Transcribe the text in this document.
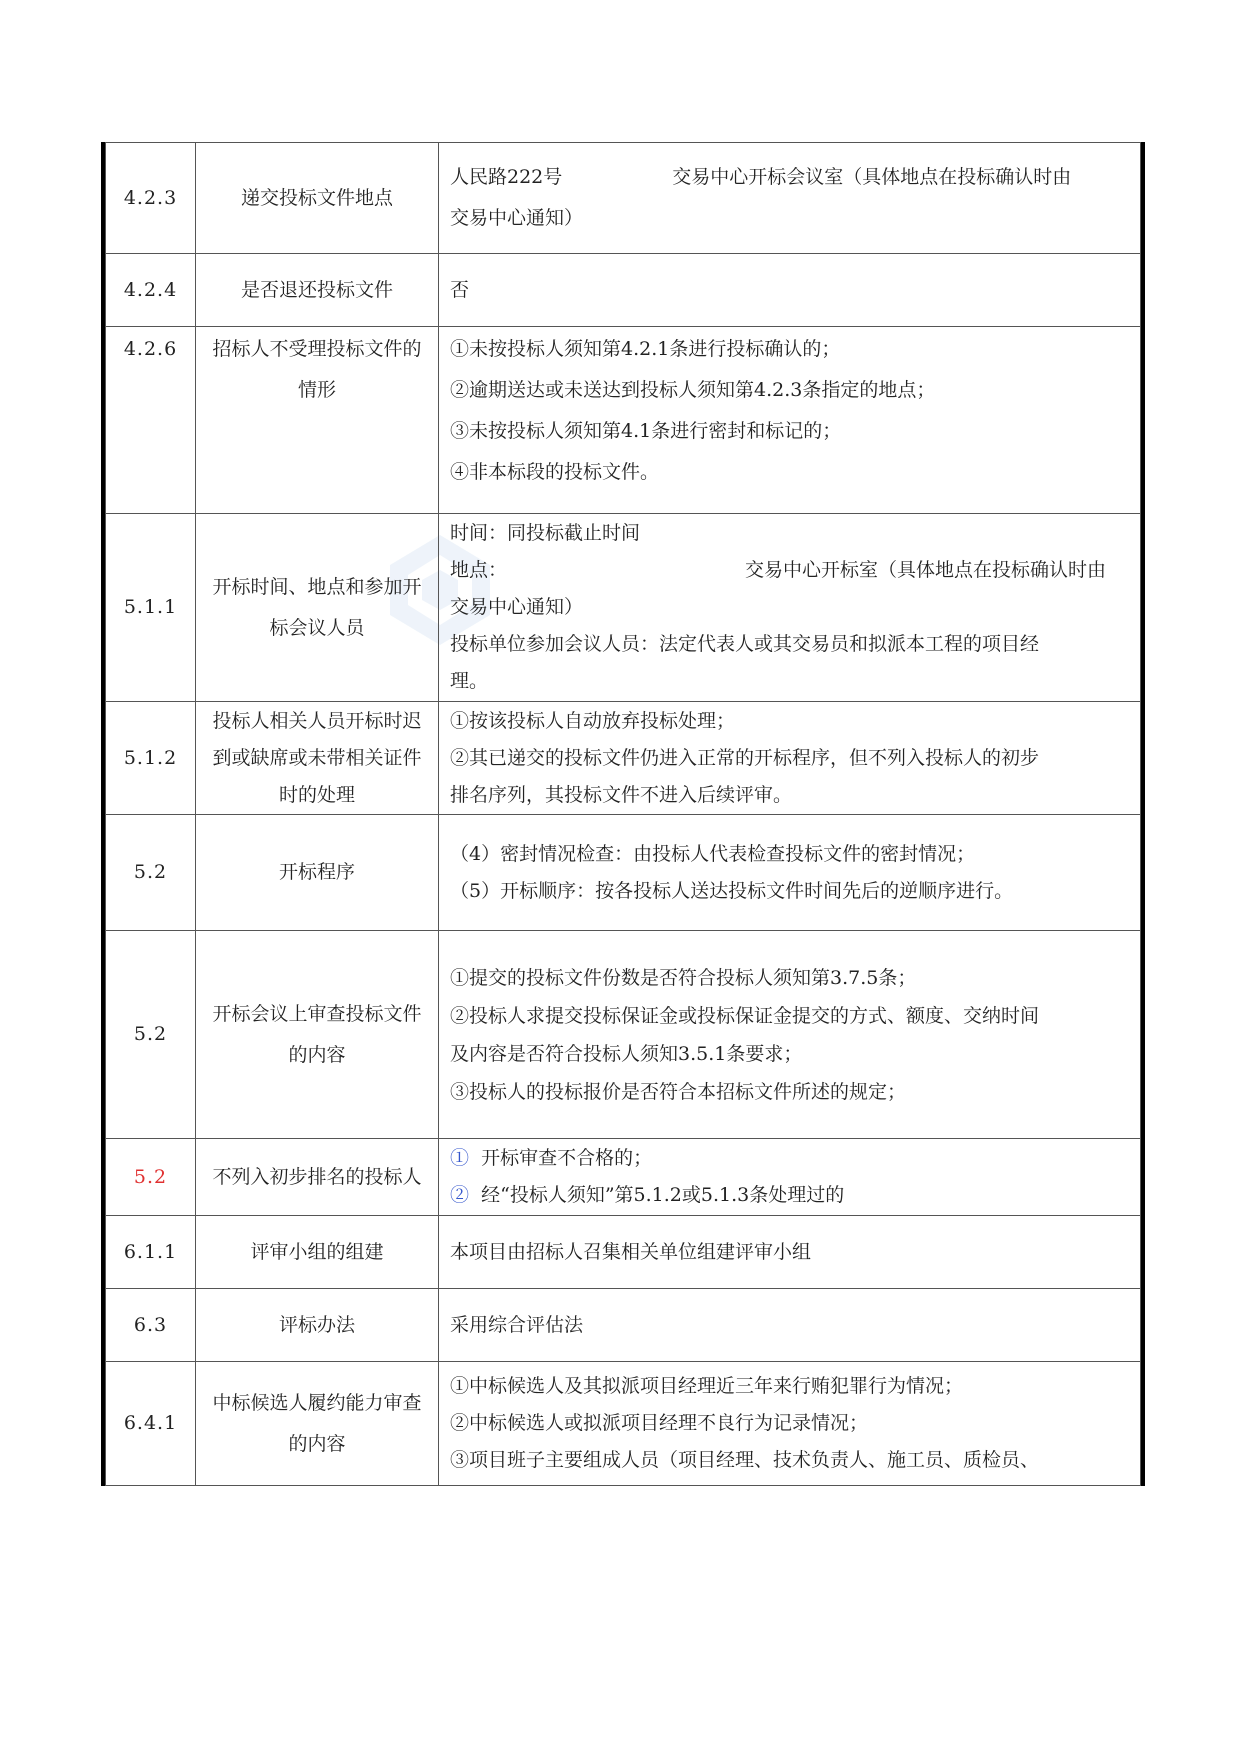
4.2.3	递交投标文件地点	人民路222号 交易中心开标会议室（具体地点在投标确认时由
交易中心通知）

4.2.4	是否退还投标文件	否

4.2.6	招标人不受理投标文件的情形	①未按投标人须知第4.2.1条进行投标确认的；
②逾期送达或未送达到投标人须知第4.2.3条指定的地点；
③未按投标人须知第4.1条进行密封和标记的；
④非本标段的投标文件。

5.1.1	开标时间、地点和参加开标会议人员	时间：同投标截止时间
地点： 交易中心开标室（具体地点在投标确认时由
交易中心通知）
投标单位参加会议人员：法定代表人或其交易员和拟派本工程的项目经
理。

5.1.2	投标人相关人员开标时迟到或缺席或未带相关证件时的处理	①按该投标人自动放弃投标处理；
②其已递交的投标文件仍进入正常的开标程序，但不列入投标人的初步
排名序列，其投标文件不进入后续评审。

5.2	开标程序	（4）密封情况检查：由投标人代表检查投标文件的密封情况；
（5）开标顺序：按各投标人送达投标文件时间先后的逆顺序进行。

5.2	开标会议上审查投标文件的内容	①提交的投标文件份数是否符合投标人须知第3.7.5条；
②投标人求提交投标保证金或投标保证金提交的方式、额度、交纳时间
及内容是否符合投标人须知3.5.1条要求；
③投标人的投标报价是否符合本招标文件所述的规定；

5.2	不列入初步排名的投标人	① 开标审查不合格的；
② 经“投标人须知”第5.1.2或5.1.3条处理过的

6.1.1	评审小组的组建	本项目由招标人召集相关单位组建评审小组

6.3	评标办法	采用综合评估法

6.4.1	中标候选人履约能力审查的内容	①中标候选人及其拟派项目经理近三年来行贿犯罪行为情况；
②中标候选人或拟派项目经理不良行为记录情况；
③项目班子主要组成人员（项目经理、技术负责人、施工员、质检员、
